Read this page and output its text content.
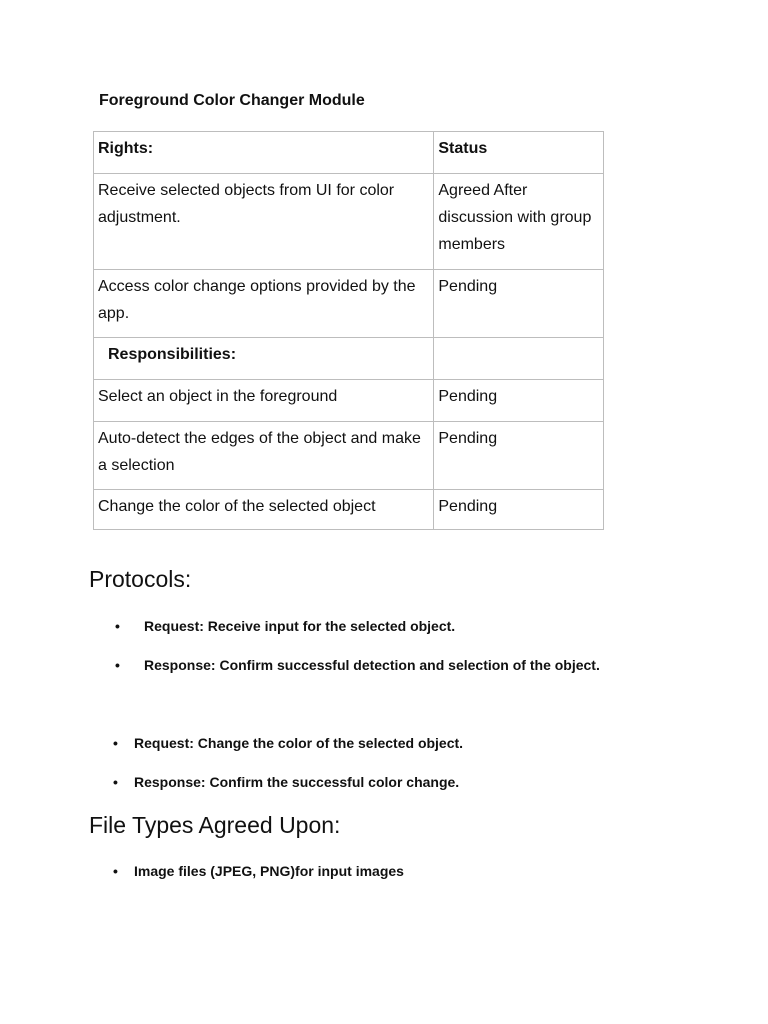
Foreground Color Changer Module
Rights:	Status
Receive selected objects from UI for color adjustment.	Agreed After discussion with group members
Access color change options provided by the app.	Pending
Responsibilities:	
Select an object in the foreground	Pending
Auto-detect the edges of the object and make a selection	Pending
Change the color of the selected object	Pending
Protocols:
• Request: Receive input for the selected object.
• Response: Confirm successful detection and selection of the object.
• Request: Change the color of the selected object.
• Response: Confirm the successful color change.
File Types Agreed Upon:
• Image files (JPEG, PNG)for input images
